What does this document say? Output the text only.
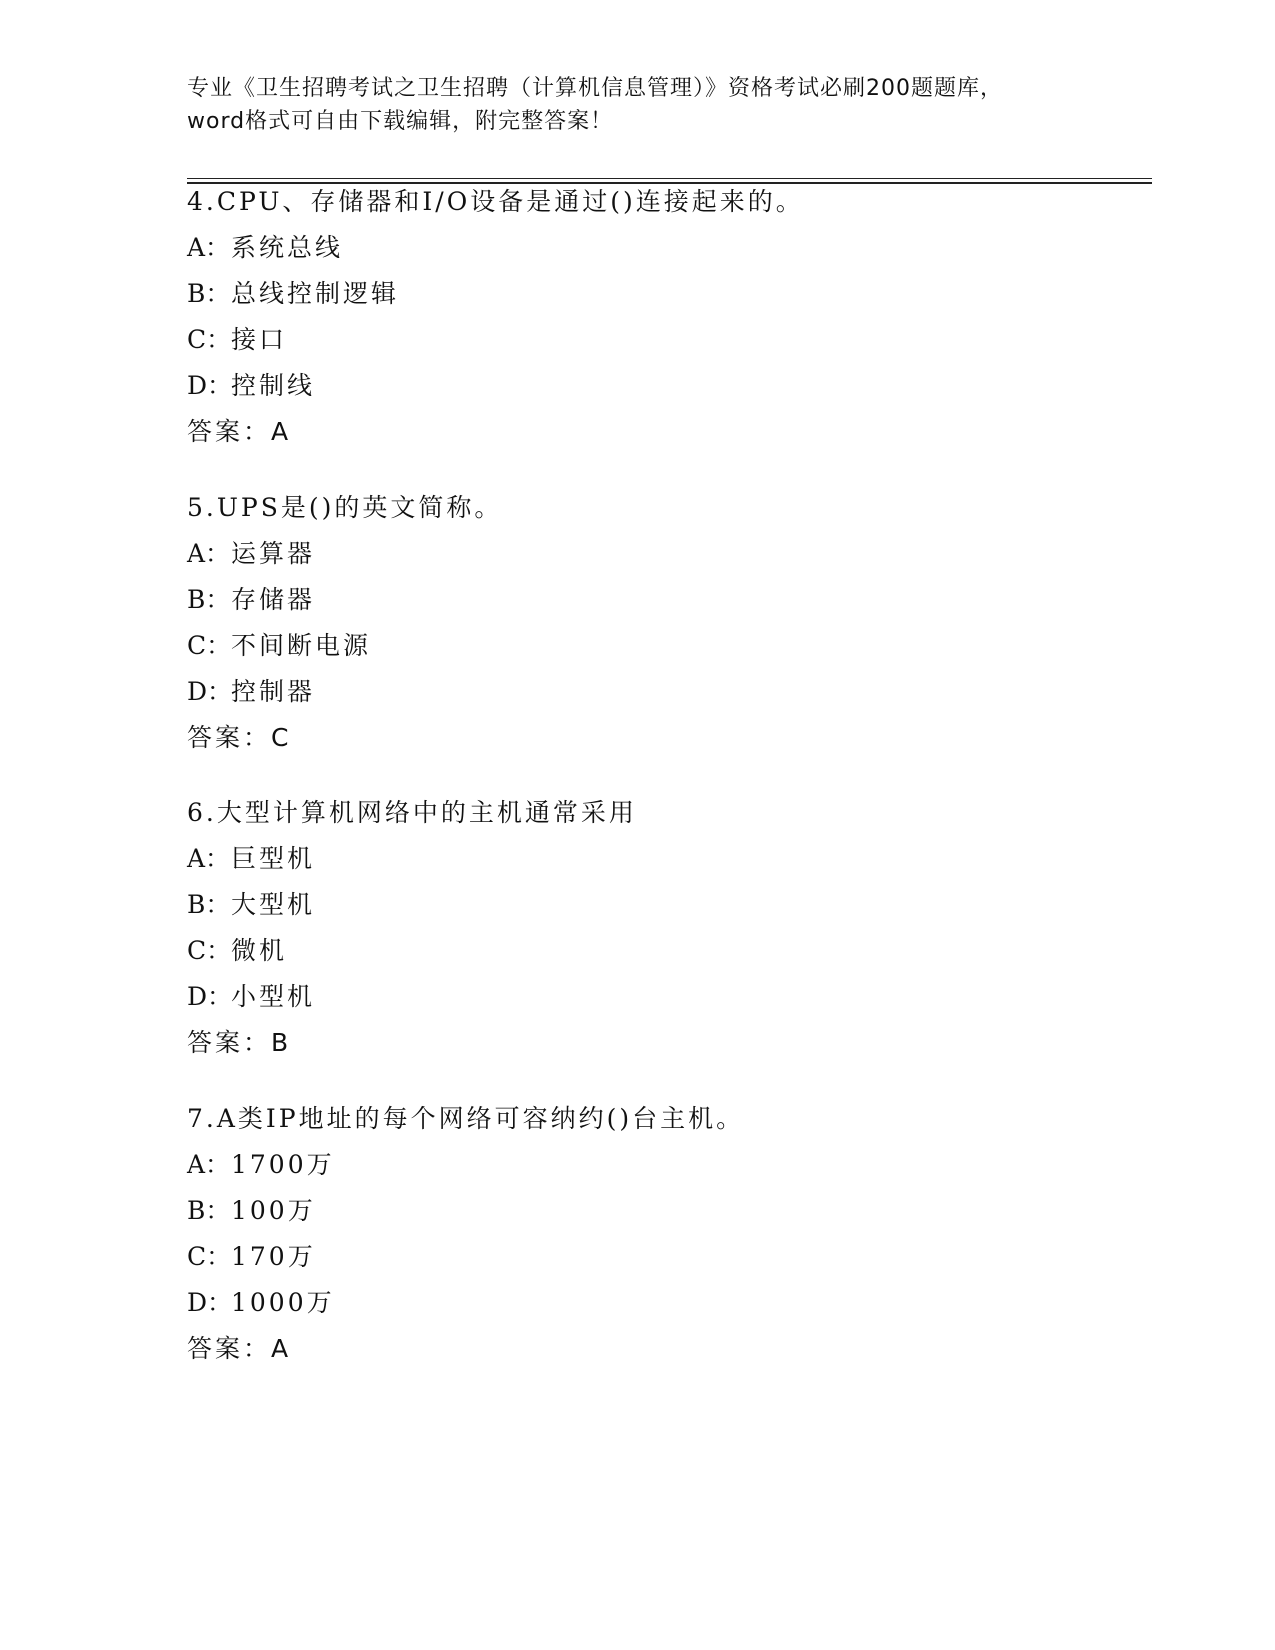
专业《卫生招聘考试之卫生招聘（计算机信息管理）》资格考试必刷200题题库，
word格式可自由下载编辑，附完整答案！
4.CPU、存储器和I/O设备是通过()连接起来的。
A：系统总线
B：总线控制逻辑
C：接口
D：控制线
答案：A
5.UPS是()的英文简称。
A：运算器
B：存储器
C：不间断电源
D：控制器
答案：C
6.大型计算机网络中的主机通常采用
A：巨型机
B：大型机
C：微机
D：小型机
答案：B
7.A类IP地址的每个网络可容纳约()台主机。
A：1700万
B：100万
C：170万
D：1000万
答案：A
